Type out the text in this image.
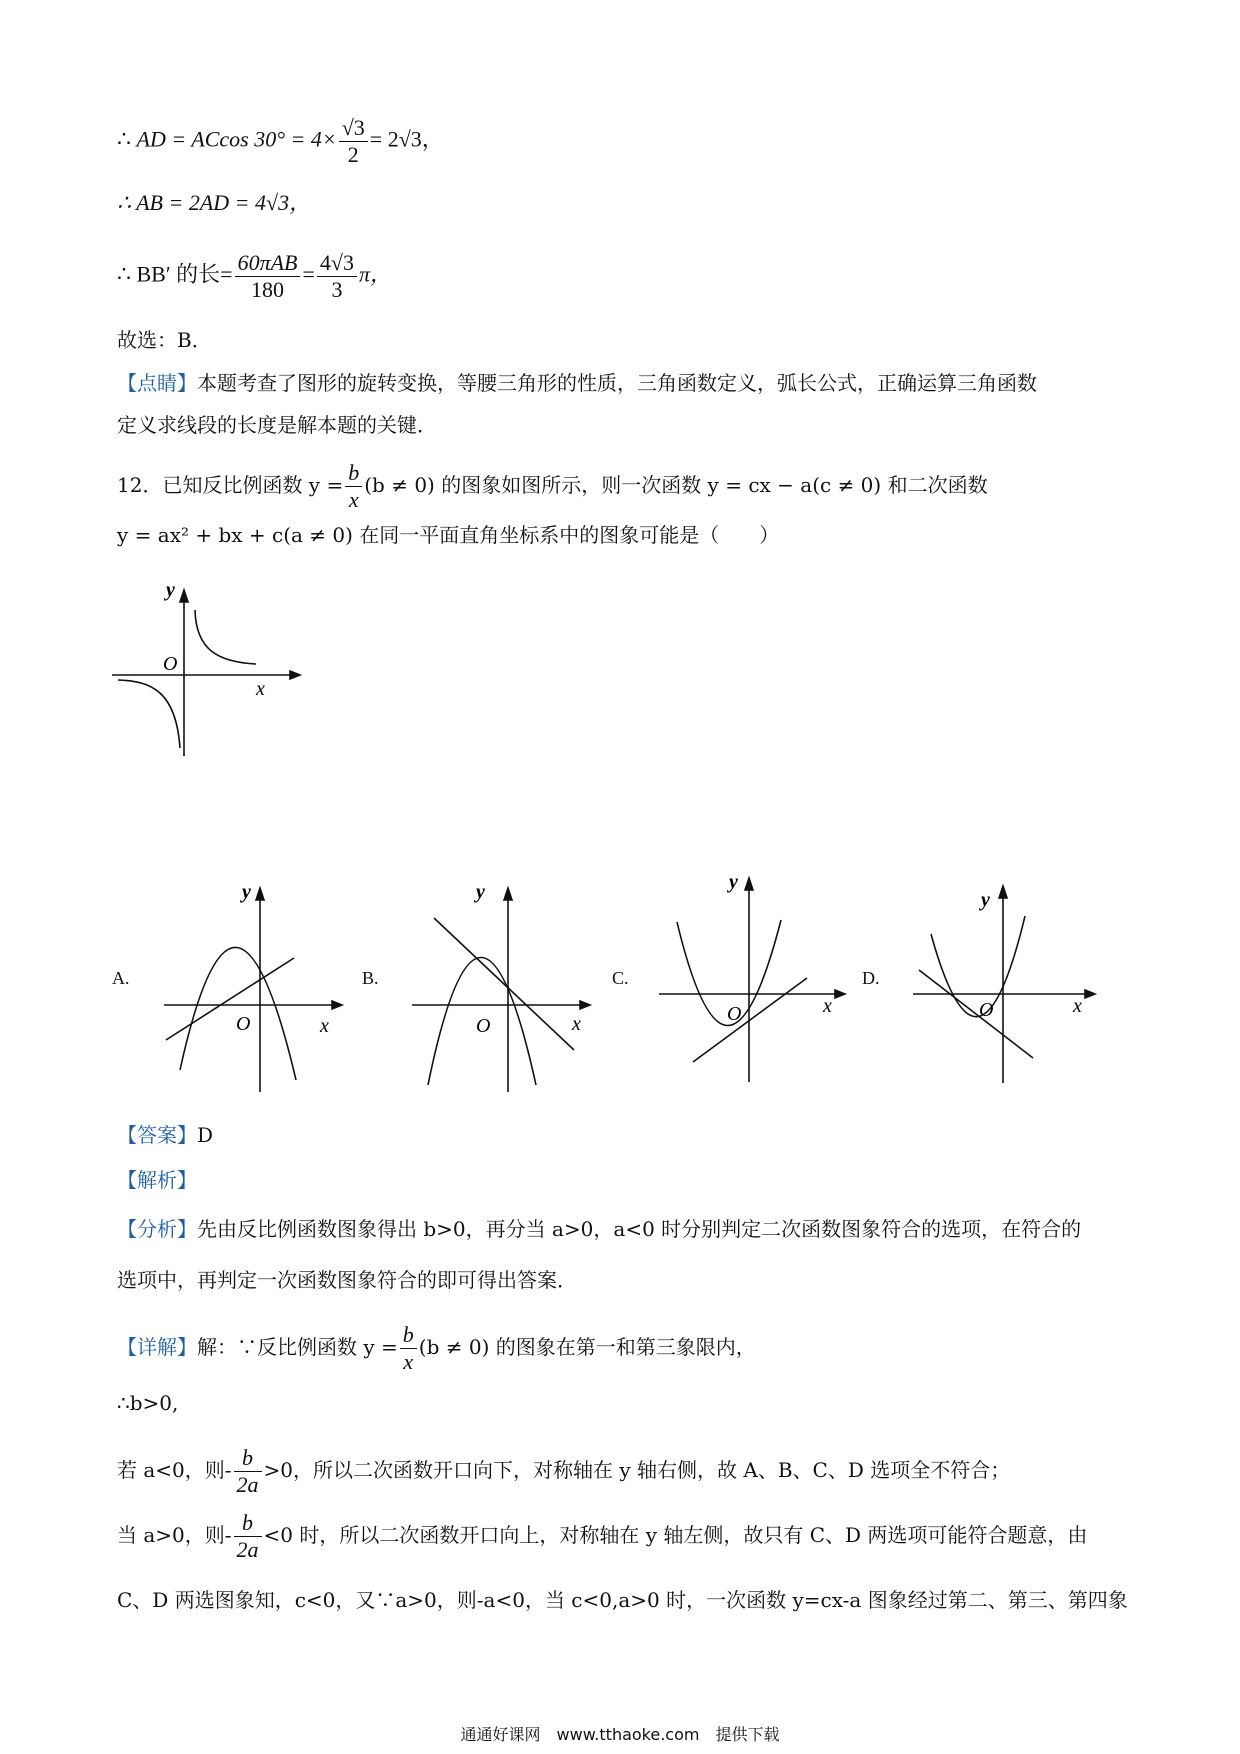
∴ AD = ACcos $30^\circ = 4\times \frac{√3}{2} = 2√3$，
∴ AB = 2AD = 4√3，
∴ BB′ 的长= $\frac{\text{60πAB}}{180} = \frac{4√3}{3}$ π，
故选：B．
【点睛】本题考查了图形的旋转变换，等腰三角形的性质，三角函数定义，弧长公式，正确运算三角函数
定义求线段的长度是解本题的关键．
12．已知反比例函数 $y = \frac{b}{x} (b \ne 0)$ 的图象如图所示，则一次函数 y = cx − a(c ≠ 0) 和二次函数
y = ax² + bx + c(a ≠ 0) 在同一平面直角坐标系中的图象可能是（　　）
y
x
O
A.
y
x
O
B.
y
x
O
C.
y
x
O
D.
y
x
O
【答案】D
【解析】
【分析】先由反比例函数图象得出 b>0，再分当 a>0，a<0 时分别判定二次函数图象符合的选项，在符合的
选项中，再判定一次函数图象符合的即可得出答案．
【详解】解：∵反比例函数 $y = \frac{b}{x} (b \ne 0)$ 的图象在第一和第三象限内，
∴b>0,
若 a<0，则- $\frac{b}{2a} >0$，所以二次函数开口向下，对称轴在 y 轴右侧，故 A、B、C、D 选项全不符合；
当 a>0，则- $\frac{b}{2a} <0$ 时，所以二次函数开口向上，对称轴在 y 轴左侧，故只有 C、D 两选项可能符合题意，由
C、D 两选图象知，c<0，又∵a>0，则-a<0，当 c<0,a>0 时，一次函数 y=cx-a 图象经过第二、第三、第四象
通通好课网　www.tthaoke.com　提供下载
